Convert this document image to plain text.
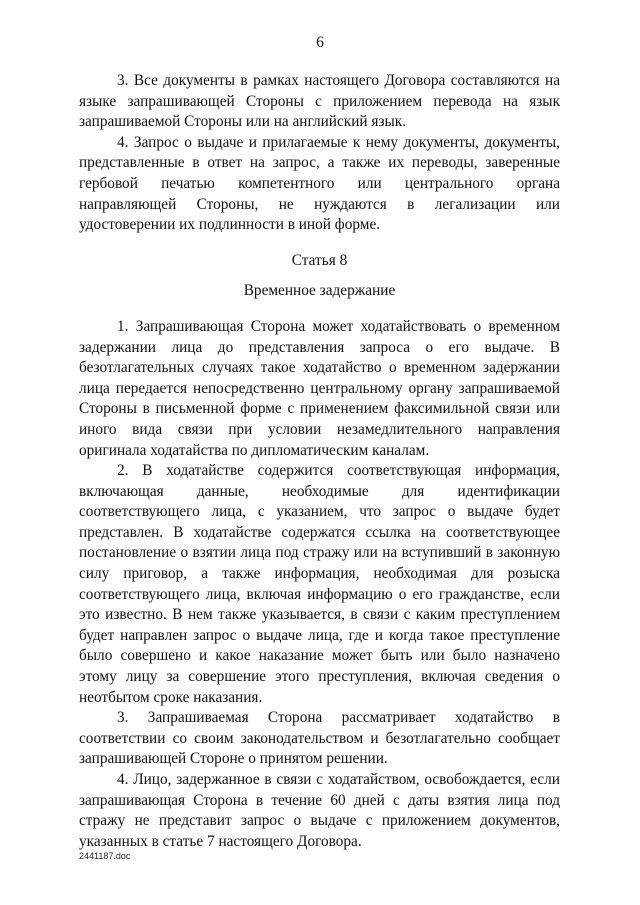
6

3. Все документы в рамках настоящего Договора составляются на языке запрашивающей Стороны с приложением перевода на язык запрашиваемой Стороны или на английский язык.

4. Запрос о выдаче и прилагаемые к нему документы, документы, представленные в ответ на запрос, а также их переводы, заверенные гербовой печатью компетентного или центрального органа направляющей Стороны, не нуждаются в легализации или удостоверении их подлинности в иной форме.

Статья 8

Временное задержание

1. Запрашивающая Сторона может ходатайствовать о временном задержании лица до представления запроса о его выдаче. В безотлагательных случаях такое ходатайство о временном задержании лица передается непосредственно центральному органу запрашиваемой Стороны в письменной форме с применением факсимильной связи или иного вида связи при условии незамедлительного направления оригинала ходатайства по дипломатическим каналам.

2. В ходатайстве содержится соответствующая информация, включающая данные, необходимые для идентификации соответствующего лица, с указанием, что запрос о выдаче будет представлен. В ходатайстве содержатся ссылка на соответствующее постановление о взятии лица под стражу или на вступивший в законную силу приговор, а также информация, необходимая для розыска соответствующего лица, включая информацию о его гражданстве, если это известно. В нем также указывается, в связи с каким преступлением будет направлен запрос о выдаче лица, где и когда такое преступление было совершено и какое наказание может быть или было назначено этому лицу за совершение этого преступления, включая сведения о неотбытом сроке наказания.

3. Запрашиваемая Сторона рассматривает ходатайство в соответствии со своим законодательством и безотлагательно сообщает запрашивающей Стороне о принятом решении.

4. Лицо, задержанное в связи с ходатайством, освобождается, если запрашивающая Сторона в течение 60 дней с даты взятия лица под стражу не представит запрос о выдаче с приложением документов, указанных в статье 7 настоящего Договора.

2441187.doc
